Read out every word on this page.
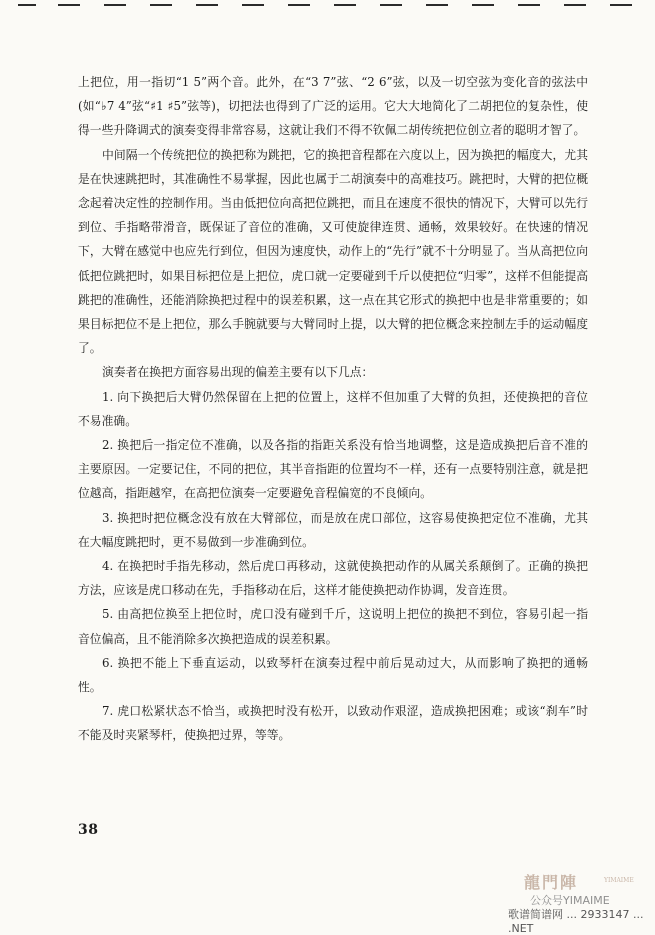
上把位，用一指切“1 5”两个音。此外，在“3 7”弦、“2 6”弦，以及一切空弦为变化音的弦法中(如“♭7 4”弦“♯1 ♯5”弦等)，切把法也得到了广泛的运用。它大大地简化了二胡把位的复杂性，使得一些升降调式的演奏变得非常容易，这就让我们不得不钦佩二胡传统把位创立者的聪明才智了。

中间隔一个传统把位的换把称为跳把，它的换把音程都在六度以上，因为换把的幅度大，尤其是在快速跳把时，其准确性不易掌握，因此也属于二胡演奏中的高难技巧。跳把时，大臂的把位概念起着决定性的控制作用。当由低把位向高把位跳把，而且在速度不很快的情况下，大臂可以先行到位、手指略带滑音，既保证了音位的准确，又可使旋律连贯、通畅，效果较好。在快速的情况下，大臂在感觉中也应先行到位，但因为速度快，动作上的“先行”就不十分明显了。当从高把位向低把位跳把时，如果目标把位是上把位，虎口就一定要碰到千斤以使把位“归零”，这样不但能提高跳把的准确性，还能消除换把过程中的误差积累，这一点在其它形式的换把中也是非常重要的；如果目标把位不是上把位，那么手腕就要与大臂同时上提，以大臂的把位概念来控制左手的运动幅度了。

演奏者在换把方面容易出现的偏差主要有以下几点：

1. 向下换把后大臂仍然保留在上把的位置上，这样不但加重了大臂的负担，还使换把的音位不易准确。

2. 换把后一指定位不准确，以及各指的指距关系没有恰当地调整，这是造成换把后音不准的主要原因。一定要记住，不同的把位，其半音指距的位置均不一样，还有一点要特别注意，就是把位越高，指距越窄，在高把位演奏一定要避免音程偏宽的不良倾向。

3. 换把时把位概念没有放在大臂部位，而是放在虎口部位，这容易使换把定位不准确，尤其在大幅度跳把时，更不易做到一步准确到位。

4. 在换把时手指先移动，然后虎口再移动，这就使换把动作的从属关系颠倒了。正确的换把方法，应该是虎口移动在先，手指移动在后，这样才能使换把动作协调，发音连贯。

5. 由高把位换至上把位时，虎口没有碰到千斤，这说明上把位的换把不到位，容易引起一指音位偏高，且不能消除多次换把造成的误差积累。

6. 换把不能上下垂直运动，以致琴杆在演奏过程中前后晃动过大，从而影响了换把的通畅性。

7. 虎口松紧状态不恰当，或换把时没有松开，以致动作艰涩，造成换把困难；或该“刹车”时不能及时夹紧琴杆，使换把过界，等等。

38
龍門陣	YIMAIME
公众号YIMAIME
歌谱简谱网 ... 2933147 ... .NET
